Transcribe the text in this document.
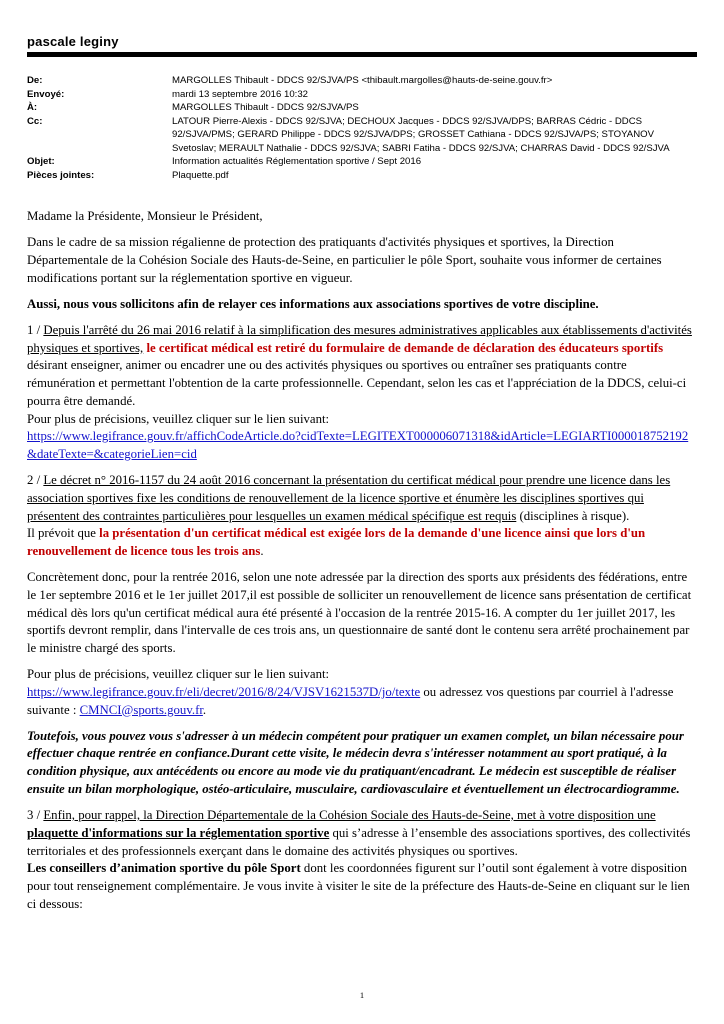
pascale leginy
De:	MARGOLLES Thibault - DDCS 92/SJVA/PS <thibault.margolles@hauts-de-seine.gouv.fr>
Envoyé:	mardi 13 septembre 2016 10:32
À:	MARGOLLES Thibault - DDCS 92/SJVA/PS
Cc:	LATOUR Pierre-Alexis - DDCS 92/SJVA; DECHOUX Jacques - DDCS 92/SJVA/DPS; BARRAS Cédric - DDCS 92/SJVA/PMS; GERARD Philippe - DDCS 92/SJVA/DPS; GROSSET Cathiana - DDCS 92/SJVA/PS; STOYANOV Svetoslav; MERAULT Nathalie - DDCS 92/SJVA; SABRI Fatiha - DDCS 92/SJVA; CHARRAS David - DDCS 92/SJVA
Objet:	Information actualités Réglementation sportive / Sept 2016
Pièces jointes:	Plaquette.pdf

Madame la Présidente, Monsieur le Président,

Dans le cadre de sa mission régalienne de protection des pratiquants d'activités physiques et sportives, la Direction Départementale de la Cohésion Sociale des Hauts-de-Seine, en particulier le pôle Sport, souhaite vous informer de certaines modifications portant sur la réglementation sportive en vigueur.

Aussi, nous vous sollicitons afin de relayer ces informations aux associations sportives de votre discipline.

1 / Depuis l'arrêté du 26 mai 2016 relatif à la simplification des mesures administratives applicables aux établissements d'activités physiques et sportives, le certificat médical est retiré du formulaire de demande de déclaration des éducateurs sportifs désirant enseigner, animer ou encadrer une ou des activités physiques ou sportives ou entraîner ses pratiquants contre rémunération et permettant l'obtention de la carte professionnelle. Cependant, selon les cas et l'appréciation de la DDCS, celui-ci pourra être demandé.
Pour plus de précisions, veuillez cliquer sur le lien suivant:
https://www.legifrance.gouv.fr/affichCodeArticle.do?cidTexte=LEGITEXT000006071318&idArticle=LEGIARTI000018752192&dateTexte=&categorieLien=cid

2 / Le décret n° 2016-1157 du 24 août 2016 concernant la présentation du certificat médical pour prendre une licence dans les association sportives fixe les conditions de renouvellement de la licence sportive et énumère les disciplines sportives qui présentent des contraintes particulières pour lesquelles un examen médical spécifique est requis (disciplines à risque).
Il prévoit que la présentation d'un certificat médical est exigée lors de la demande d'une licence ainsi que lors d'un renouvellement de licence tous les trois ans.

Concrètement donc, pour la rentrée 2016, selon une note adressée par la direction des sports aux présidents des fédérations, entre le 1er septembre 2016 et le 1er juillet 2017,il est possible de solliciter un renouvellement de licence sans présentation de certificat médical dès lors qu'un certificat médical aura été présenté à l'occasion de la rentrée 2015-16. A compter du 1er juillet 2017, les sportifs devront remplir, dans l'intervalle de ces trois ans, un questionnaire de santé dont le contenu sera arrêté prochainement par le ministre chargé des sports.

Pour plus de précisions, veuillez cliquer sur le lien suivant:
https://www.legifrance.gouv.fr/eli/decret/2016/8/24/VJSV1621537D/jo/texte ou adressez vos questions par courriel à l'adresse suivante : CMNCI@sports.gouv.fr.

Toutefois, vous pouvez vous s'adresser à un médecin compétent pour pratiquer un examen complet, un bilan nécessaire pour effectuer chaque rentrée en confiance.Durant cette visite, le médecin devra s'intéresser notamment au sport pratiqué, à la condition physique, aux antécédents ou encore au mode vie du pratiquant/encadrant. Le médecin est susceptible de réaliser ensuite un bilan morphologique, ostéo-articulaire, musculaire, cardiovasculaire et éventuellement un électrocardiogramme.

3 / Enfin, pour rappel, la Direction Départementale de la Cohésion Sociale des Hauts-de-Seine, met à votre disposition une plaquette d'informations sur la réglementation sportive qui s’adresse à l’ensemble des associations sportives, des collectivités territoriales et des professionnels exerçant dans le domaine des activités physiques ou sportives.
Les conseillers d’animation sportive du pôle Sport dont les coordonnées figurent sur l’outil sont également à votre disposition pour tout renseignement complémentaire. Je vous invite à visiter le site de la préfecture des Hauts-de-Seine en cliquant sur le lien ci dessous:

1
